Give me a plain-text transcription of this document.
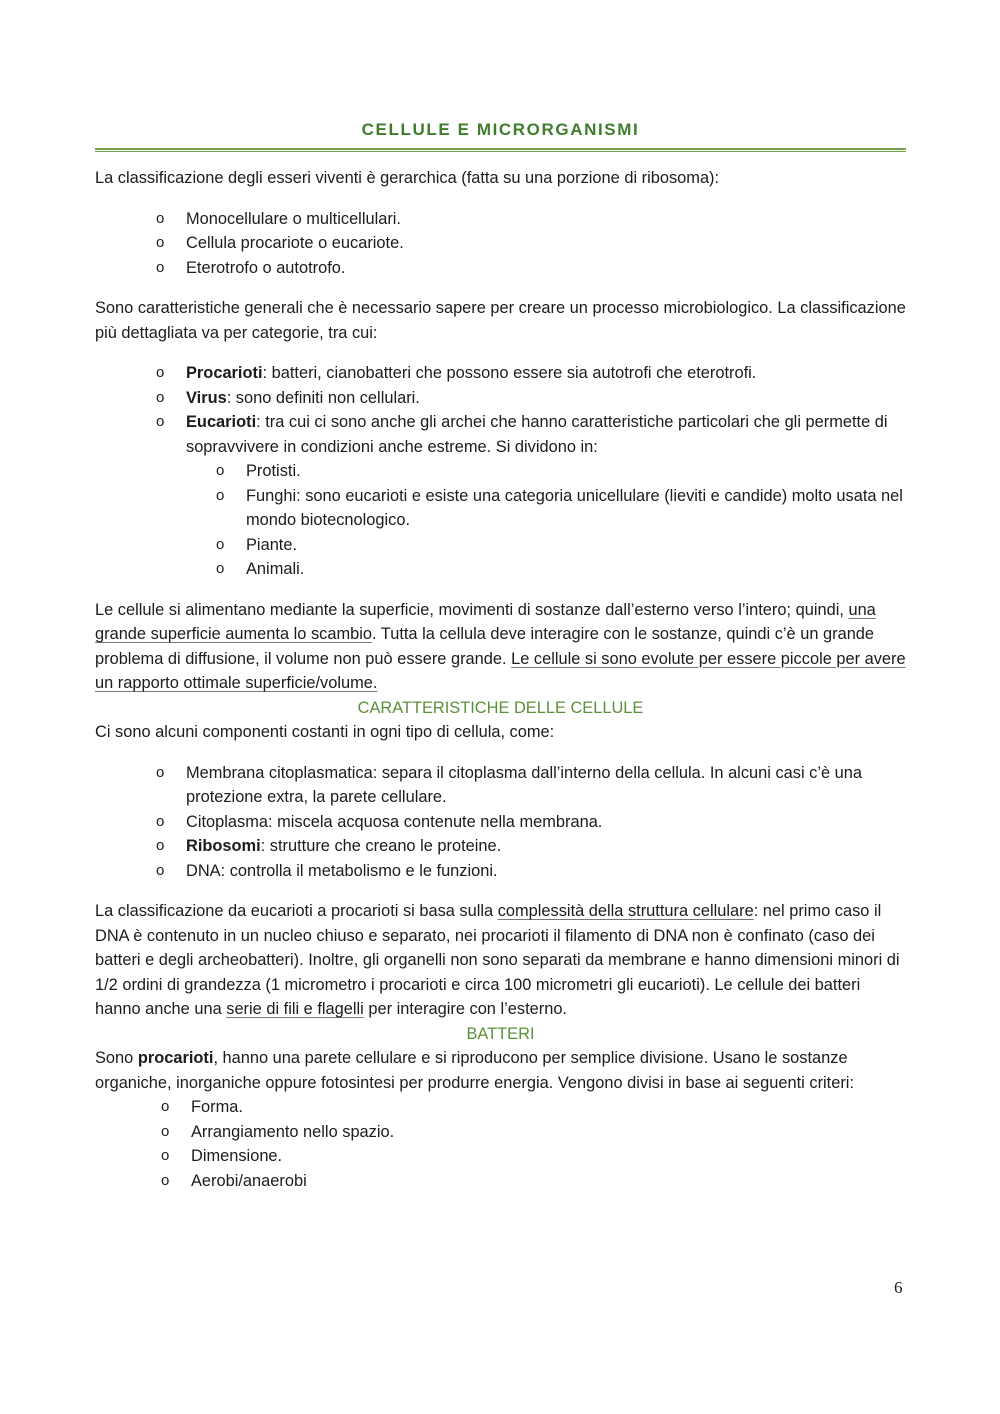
CELLULE E MICRORGANISMI

La classificazione degli esseri viventi è gerarchica (fatta su una porzione di ribosoma):

o Monocellulare o multicellulari.
o Cellula procariote o eucariote.
o Eterotrofo o autotrofo.

Sono caratteristiche generali che è necessario sapere per creare un processo microbiologico. La classificazione più dettagliata va per categorie, tra cui:

o Procarioti: batteri, cianobatteri che possono essere sia autotrofi che eterotrofi.
o Virus: sono definiti non cellulari.
o Eucarioti: tra cui ci sono anche gli archei che hanno caratteristiche particolari che gli permette di sopravvivere in condizioni anche estreme. Si dividono in:
o Protisti.
o Funghi: sono eucarioti e esiste una categoria unicellulare (lieviti e candide) molto usata nel mondo biotecnologico.
o Piante.
o Animali.

Le cellule si alimentano mediante la superficie, movimenti di sostanze dall’esterno verso l’intero; quindi, una grande superficie aumenta lo scambio. Tutta la cellula deve interagire con le sostanze, quindi c’è un grande problema di diffusione, il volume non può essere grande. Le cellule si sono evolute per essere piccole per avere un rapporto ottimale superficie/volume.

CARATTERISTICHE DELLE CELLULE

Ci sono alcuni componenti costanti in ogni tipo di cellula, come:

o Membrana citoplasmatica: separa il citoplasma dall’interno della cellula. In alcuni casi c’è una protezione extra, la parete cellulare.
o Citoplasma: miscela acquosa contenute nella membrana.
o Ribosomi: strutture che creano le proteine.
o DNA: controlla il metabolismo e le funzioni.

La classificazione da eucarioti a procarioti si basa sulla complessità della struttura cellulare: nel primo caso il DNA è contenuto in un nucleo chiuso e separato, nei procarioti il filamento di DNA non è confinato (caso dei batteri e degli archeobatteri). Inoltre, gli organelli non sono separati da membrane e hanno dimensioni minori di 1/2 ordini di grandezza (1 micrometro i procarioti e circa 100 micrometri gli eucarioti). Le cellule dei batteri hanno anche una serie di fili e flagelli per interagire con l’esterno.

BATTERI

Sono procarioti, hanno una parete cellulare e si riproducono per semplice divisione. Usano le sostanze organiche, inorganiche oppure fotosintesi per produrre energia. Vengono divisi in base ai seguenti criteri:

o Forma.
o Arrangiamento nello spazio.
o Dimensione.
o Aerobi/anaerobi
6
